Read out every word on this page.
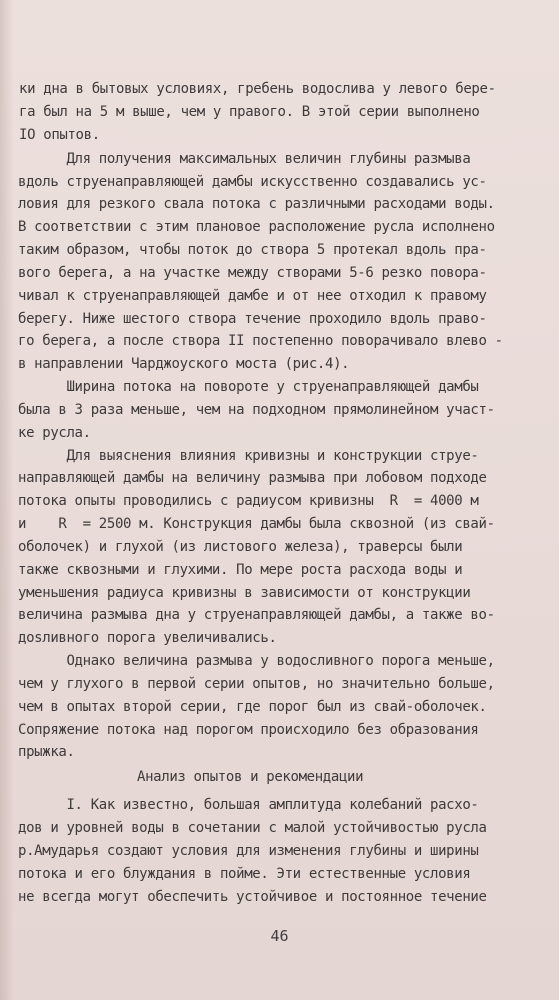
ки дна в бытовых условиях, гребень водослива у левого бере-
га был на 5 м выше, чем у правого. В этой серии выполнено
IO опытов.
Для получения максимальных величин глубины размыва
вдоль струенаправляющей дамбы искусственно создавались ус-
ловия для резкого свала потока с различными расходами воды.
В соответствии с этим плановое расположение русла исполнено
таким образом, чтобы поток до створа 5 протекал вдоль пра-
вого берега, а на участке между створами 5-6 резко повора-
чивал к струенаправляющей дамбе и от нее отходил к правому
берегу. Ниже шестого створа течение проходило вдоль право-
го берега, а после створа II постепенно поворачивало влево -
в направлении Чарджоуского моста (рис.4).
Ширина потока на повороте у струенаправляющей дамбы
была в 3 раза меньше, чем на подходном прямолинейном участ-
ке русла.
Для выяснения влияния кривизны и конструкции струе-
направляющей дамбы на величину размыва при лобовом подходе
потока опыты проводились с радиусом кривизны  R  = 4000 м
и    R  = 2500 м. Конструкция дамбы была сквозной (из свай-
оболочек) и глухой (из листового железа), траверсы были
также сквозными и глухими. По мере роста расхода воды и
уменьшения радиуса кривизны в зависимости от конструкции
величина размыва дна у струенаправляющей дамбы, а также во-
дosливного порога увеличивались.
Однако величина размыва у водосливного порога меньше,
чем у глухого в первой серии опытов, но значительно больше,
чем в опытах второй серии, где порог был из свай-оболочек.
Сопряжение потока над порогом происходило без образования
прыжка.
Анализ опытов и рекомендации
I. Как известно, большая амплитуда колебаний расхо-
дов и уровней воды в сочетании с малой устойчивостью русла
р.Амударья создают условия для изменения глубины и ширины
потока и его блуждания в пойме. Эти естественные условия
не всегда могут обеспечить устойчивое и постоянное течение
46
